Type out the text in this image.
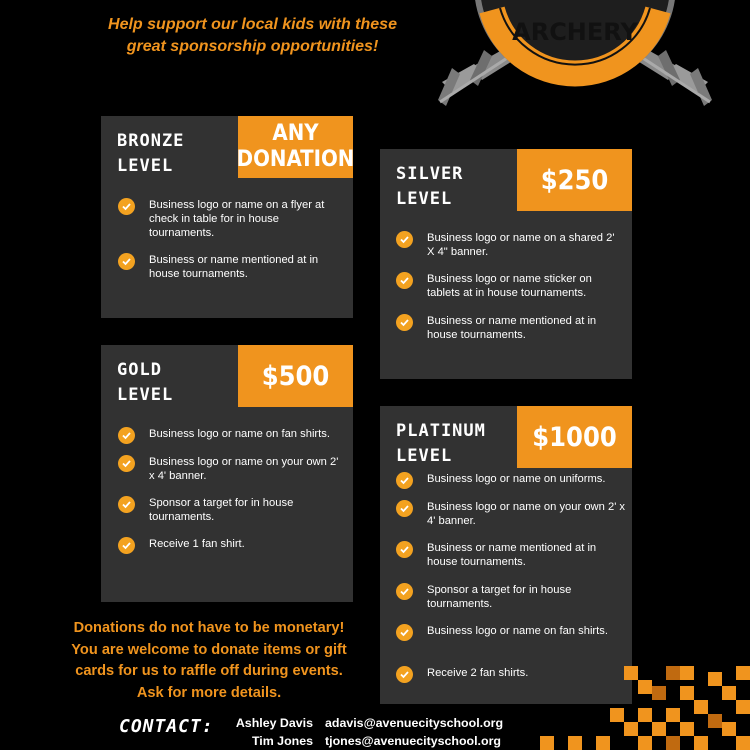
Help support our local kids with these
great sponsorship opportunities!
ARCHERY
BRONZE
LEVEL
ANY
DONATION
Business logo or name on a flyer at check in table for in house tournaments.
Business or name mentioned at in house tournaments.
SILVER
LEVEL
$250
Business logo or name on a shared 2' X 4" banner.
Business logo or name sticker on tablets at in house tournaments.
Business or name mentioned at in house tournaments.
GOLD
LEVEL
$500
Business logo or name on fan shirts.
Business logo or name on your own 2' x 4' banner.
Sponsor a target for in house tournaments.
Receive 1 fan shirt.
PLATINUM
LEVEL
$1000
Business logo or name on uniforms.
Business logo or name on your own 2' x 4' banner.
Business or name mentioned at in house tournaments.
Sponsor a target for in house tournaments.
Business logo or name on fan shirts.
Receive 2 fan shirts.
Donations do not have to be monetary!
You are welcome to donate items or gift
cards for us to raffle off during events.
Ask for more details.
CONTACT:	Ashley Davis
Tim Jones
adavis@avenuecityschool.org
tjones@avenuecityschool.org
